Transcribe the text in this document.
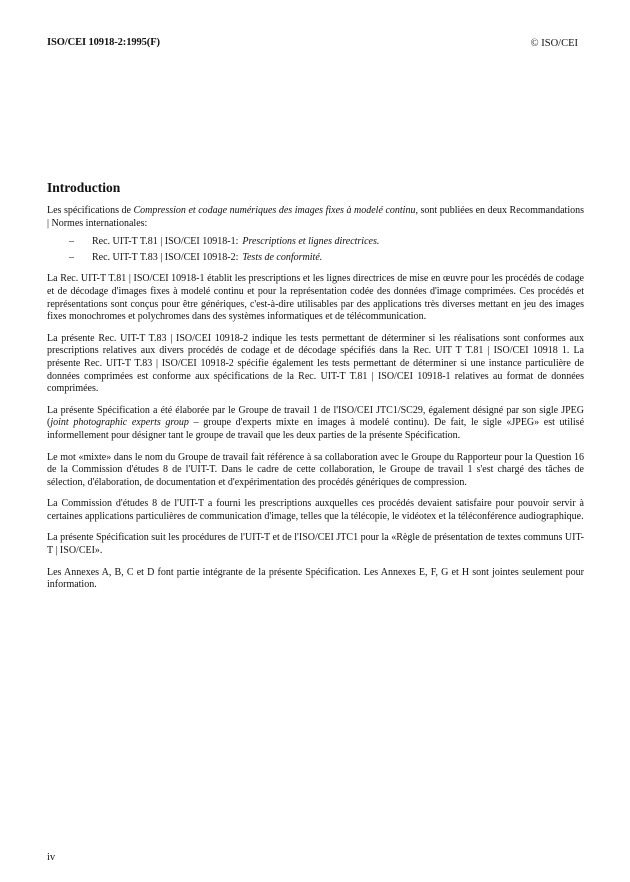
ISO/CEI 10918-2:1995(F)	© ISO/CEI
Introduction

Les spécifications de Compression et codage numériques des images fixes à modelé continu, sont publiées en deux Recommandations | Normes internationales:

– Rec. UIT-T T.81 | ISO/CEI 10918-1: Prescriptions et lignes directrices.
– Rec. UIT-T T.83 | ISO/CEI 10918-2: Tests de conformité.

La Rec. UIT-T T.81 | ISO/CEI 10918-1 établit les prescriptions et les lignes directrices de mise en œuvre pour les procédés de codage et de décodage d'images fixes à modelé continu et pour la représentation codée des données d'image comprimées. Ces procédés et représentations sont conçus pour être génériques, c'est-à-dire utilisables par des applications très diverses mettant en jeu des images fixes monochromes et polychromes dans des systèmes informatiques et de télécommunication.

La présente Rec. UIT-T T.83 | ISO/CEI 10918-2 indique les tests permettant de déterminer si les réalisations sont conformes aux prescriptions relatives aux divers procédés de codage et de décodage spécifiés dans la Rec. UIT T T.81 | ISO/CEI 10918 1. La présente Rec. UIT-T T.83 | ISO/CEI 10918-2 spécifie également les tests permettant de déterminer si une instance particulière de données comprimées est conforme aux spécifications de la Rec. UIT-T T.81 | ISO/CEI 10918-1 relatives au format de données comprimées.

La présente Spécification a été élaborée par le Groupe de travail 1 de l'ISO/CEI JTC1/SC29, également désigné par son sigle JPEG (joint photographic experts group – groupe d'experts mixte en images à modelé continu). De fait, le sigle «JPEG» est utilisé informellement pour désigner tant le groupe de travail que les deux parties de la présente Spécification.

Le mot «mixte» dans le nom du Groupe de travail fait référence à sa collaboration avec le Groupe du Rapporteur pour la Question 16 de la Commission d'études 8 de l'UIT-T. Dans le cadre de cette collaboration, le Groupe de travail 1 s'est chargé des tâches de sélection, d'élaboration, de documentation et d'expérimentation des procédés génériques de compression.

La Commission d'études 8 de l'UIT-T a fourni les prescriptions auxquelles ces procédés devaient satisfaire pour pouvoir servir à certaines applications particulières de communication d'image, telles que la télécopie, le vidéotex et la téléconférence audiographique.

La présente Spécification suit les procédures de l'UIT-T et de l'ISO/CEI JTC1 pour la «Règle de présentation de textes communs UIT-T | ISO/CEI».

Les Annexes A, B, C et D font partie intégrante de la présente Spécification. Les Annexes E, F, G et H sont jointes seulement pour information.

iv
